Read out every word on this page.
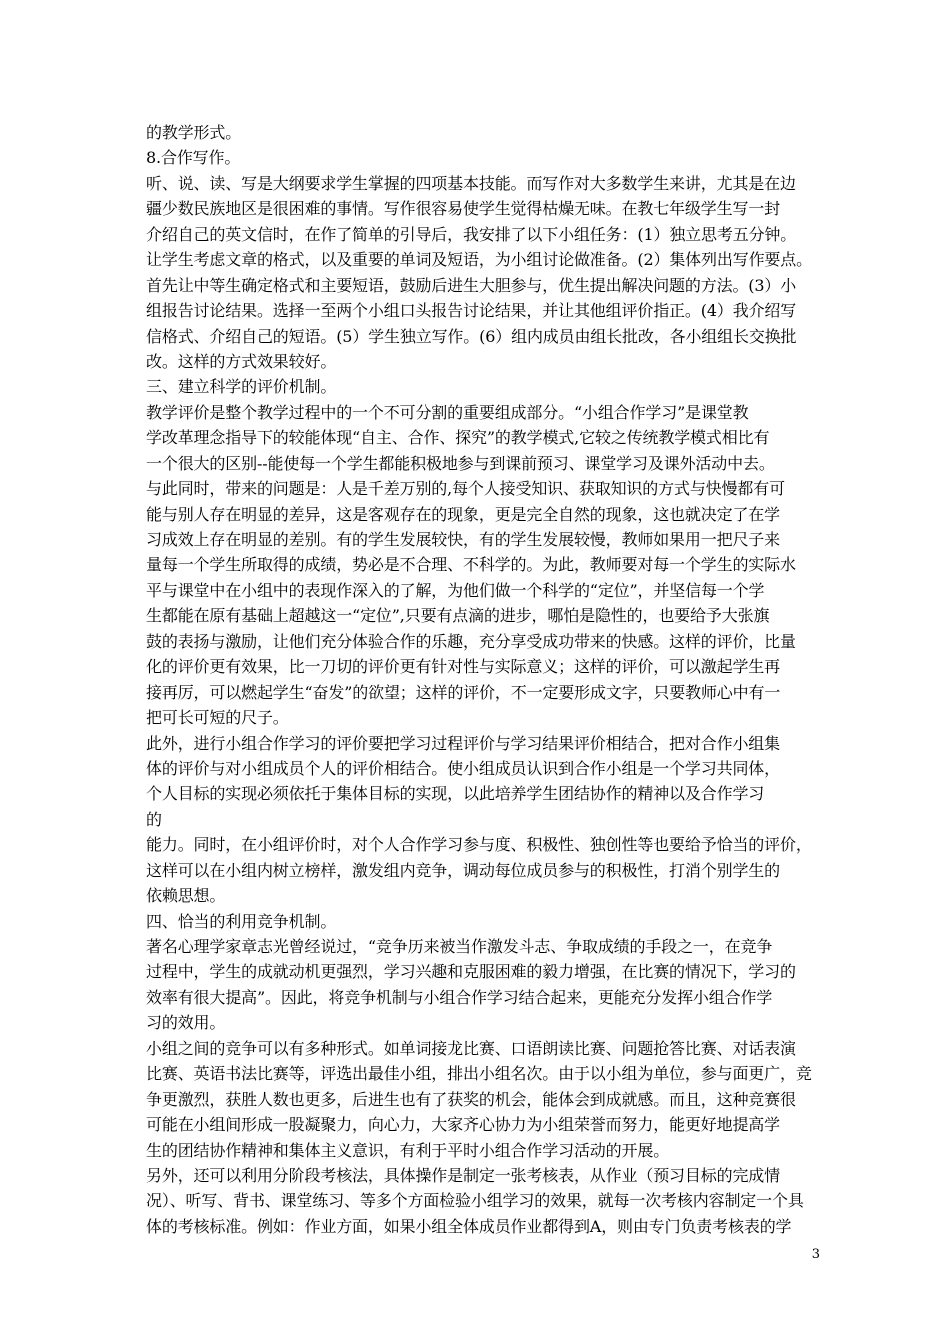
的教学形式。
8.合作写作。
听、说、读、写是大纲要求学生掌握的四项基本技能。而写作对大多数学生来讲，尤其是在边
疆少数民族地区是很困难的事情。写作很容易使学生觉得枯燥无味。在教七年级学生写一封
介绍自己的英文信时，在作了简单的引导后，我安排了以下小组任务：(1）独立思考五分钟。
让学生考虑文章的格式，以及重要的单词及短语，为小组讨论做准备。(2）集体列出写作要点。
首先让中等生确定格式和主要短语，鼓励后进生大胆参与，优生提出解决问题的方法。(3）小
组报告讨论结果。选择一至两个小组口头报告讨论结果，并让其他组评价指正。(4）我介绍写
信格式、介绍自己的短语。(5）学生独立写作。(6）组内成员由组长批改，各小组组长交换批
改。这样的方式效果较好。
三、建立科学的评价机制。
教学评价是整个教学过程中的一个不可分割的重要组成部分。“小组合作学习”是课堂教
学改革理念指导下的较能体现“自主、合作、探究”的教学模式,它较之传统教学模式相比有
一个很大的区别--能使每一个学生都能积极地参与到课前预习、课堂学习及课外活动中去。
与此同时，带来的问题是：人是千差万别的,每个人接受知识、获取知识的方式与快慢都有可
能与别人存在明显的差异，这是客观存在的现象，更是完全自然的现象，这也就决定了在学
习成效上存在明显的差别。有的学生发展较快，有的学生发展较慢，教师如果用一把尺子来
量每一个学生所取得的成绩，势必是不合理、不科学的。为此，教师要对每一个学生的实际水
平与课堂中在小组中的表现作深入的了解，为他们做一个科学的“定位”，并坚信每一个学
生都能在原有基础上超越这一“定位”,只要有点滴的进步，哪怕是隐性的，也要给予大张旗
鼓的表扬与激励，让他们充分体验合作的乐趣，充分享受成功带来的快感。这样的评价，比量
化的评价更有效果，比一刀切的评价更有针对性与实际意义；这样的评价，可以激起学生再
接再厉，可以燃起学生“奋发”的欲望；这样的评价，不一定要形成文字，只要教师心中有一
把可长可短的尺子。
此外，进行小组合作学习的评价要把学习过程评价与学习结果评价相结合，把对合作小组集
体的评价与对小组成员个人的评价相结合。使小组成员认识到合作小组是一个学习共同体，
个人目标的实现必须依托于集体目标的实现，以此培养学生团结协作的精神以及合作学习
的
能力。同时，在小组评价时，对个人合作学习参与度、积极性、独创性等也要给予恰当的评价，
这样可以在小组内树立榜样，激发组内竞争，调动每位成员参与的积极性，打消个别学生的
依赖思想。
四、恰当的利用竞争机制。
著名心理学家章志光曾经说过，“竞争历来被当作激发斗志、争取成绩的手段之一，在竞争
过程中，学生的成就动机更强烈，学习兴趣和克服困难的毅力增强，在比赛的情况下，学习的
效率有很大提高”。因此，将竞争机制与小组合作学习结合起来，更能充分发挥小组合作学
习的效用。
小组之间的竞争可以有多种形式。如单词接龙比赛、口语朗读比赛、问题抢答比赛、对话表演
比赛、英语书法比赛等，评选出最佳小组，排出小组名次。由于以小组为单位，参与面更广，竞
争更激烈，获胜人数也更多，后进生也有了获奖的机会，能体会到成就感。而且，这种竞赛很
可能在小组间形成一股凝聚力，向心力，大家齐心协力为小组荣誉而努力，能更好地提高学
生的团结协作精神和集体主义意识，有利于平时小组合作学习活动的开展。
另外，还可以利用分阶段考核法，具体操作是制定一张考核表，从作业（预习目标的完成情
况）、听写、背书、课堂练习、等多个方面检验小组学习的效果，就每一次考核内容制定一个具
体的考核标准。例如：作业方面，如果小组全体成员作业都得到A，则由专门负责考核表的学
3
